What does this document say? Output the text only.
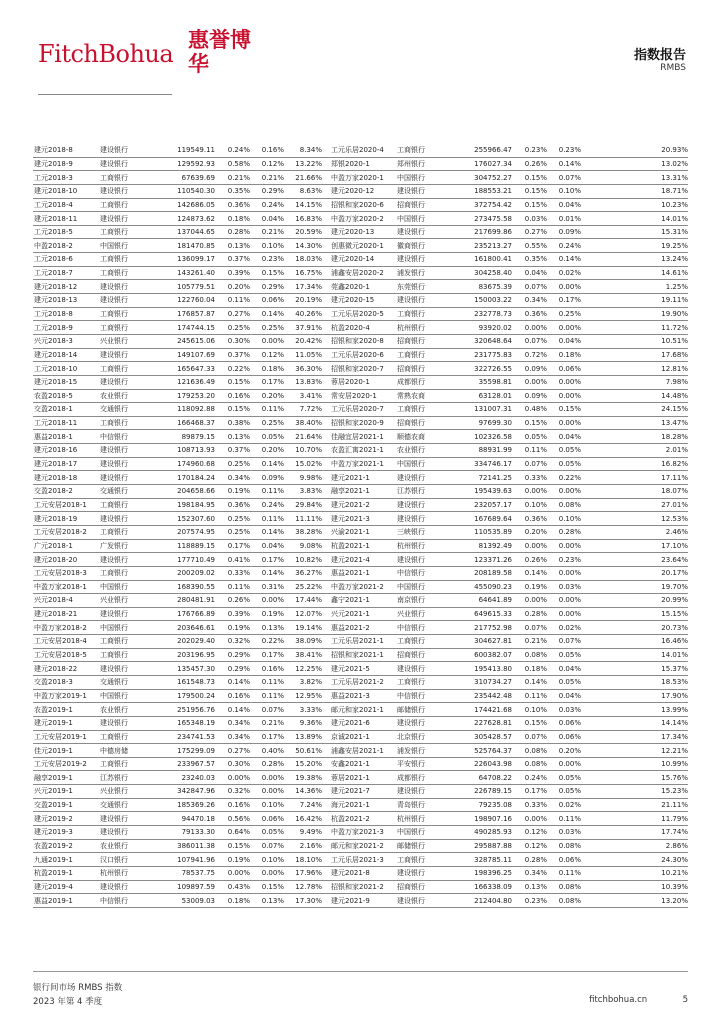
FitchBohua
惠誉博华	指数报告
RMBS
建元2018-8	建设银行	119549.11	0.24%	0.16%	8.34%		工元乐居2020-4	工商银行	255966.47	0.23%	0.23%	20.93%
建元2018-9	建设银行	129592.93	0.58%	0.12%	13.22%		郑银2020-1	郑州银行	176027.34	0.26%	0.14%	13.02%
工元2018-3	工商银行	67639.69	0.21%	0.21%	21.66%		中盈万家2020-1	中国银行	304752.27	0.15%	0.07%	13.31%
建元2018-10	建设银行	110540.30	0.35%	0.29%	8.63%		建元2020-12	建设银行	188553.21	0.15%	0.10%	18.71%
工元2018-4	工商银行	142686.05	0.36%	0.24%	14.15%		招银和家2020-6	招商银行	372754.42	0.15%	0.04%	10.23%
建元2018-11	建设银行	124873.62	0.18%	0.04%	16.83%		中盈万家2020-2	中国银行	273475.58	0.03%	0.01%	14.01%
工元2018-5	工商银行	137044.65	0.28%	0.21%	20.59%		建元2020-13	建设银行	217699.86	0.27%	0.09%	15.31%
中盈2018-2	中国银行	181470.85	0.13%	0.10%	14.30%		创惠微元2020-1	徽商银行	235213.27	0.55%	0.24%	19.25%
工元2018-6	工商银行	136099.17	0.37%	0.23%	18.03%		建元2020-14	建设银行	161800.41	0.35%	0.14%	13.24%
工元2018-7	工商银行	143261.40	0.39%	0.15%	16.75%		浦鑫安居2020-2	浦发银行	304258.40	0.04%	0.02%	14.61%
建元2018-12	建设银行	105779.51	0.20%	0.29%	17.34%		莞鑫2020-1	东莞银行	83675.39	0.07%	0.00%	1.25%
建元2018-13	建设银行	122760.04	0.11%	0.06%	20.19%		建元2020-15	建设银行	150003.22	0.34%	0.17%	19.11%
工元2018-8	工商银行	176857.87	0.27%	0.14%	40.26%		工元乐居2020-5	工商银行	232778.73	0.36%	0.25%	19.90%
工元2018-9	工商银行	174744.15	0.25%	0.25%	37.91%		杭盈2020-4	杭州银行	93920.02	0.00%	0.00%	11.72%
兴元2018-3	兴业银行	245615.06	0.30%	0.00%	20.42%		招银和家2020-8	招商银行	320648.64	0.07%	0.04%	10.51%
建元2018-14	建设银行	149107.69	0.37%	0.12%	11.05%		工元乐居2020-6	工商银行	231775.83	0.72%	0.18%	17.68%
工元2018-10	工商银行	165647.33	0.22%	0.18%	36.30%		招银和家2020-7	招商银行	322726.55	0.09%	0.06%	12.81%
建元2018-15	建设银行	121636.49	0.15%	0.17%	13.83%		蓉居2020-1	成都银行	35598.81	0.00%	0.00%	7.98%
农盈2018-5	农业银行	179253.20	0.16%	0.20%	3.41%		常安居2020-1	常熟农商	63128.01	0.09%	0.00%	14.48%
交盈2018-1	交通银行	118092.88	0.15%	0.11%	7.72%		工元乐居2020-7	工商银行	131007.31	0.48%	0.15%	24.15%
工元2018-11	工商银行	166468.37	0.38%	0.25%	38.40%		招银和家2020-9	招商银行	97699.30	0.15%	0.00%	13.47%
惠益2018-1	中信银行	89879.15	0.13%	0.05%	21.64%		佳融宜居2021-1	顺德农商	102326.58	0.05%	0.04%	18.28%
建元2018-16	建设银行	108713.93	0.37%	0.20%	10.70%		农盈汇寓2021-1	农业银行	88931.99	0.11%	0.05%	2.01%
建元2018-17	建设银行	174960.68	0.25%	0.14%	15.02%		中盈万家2021-1	中国银行	334746.17	0.07%	0.05%	16.82%
建元2018-18	建设银行	170184.24	0.34%	0.09%	9.98%		建元2021-1	建设银行	72141.25	0.33%	0.22%	17.11%
交盈2018-2	交通银行	204658.66	0.19%	0.11%	3.83%		融享2021-1	江苏银行	195439.63	0.00%	0.00%	18.07%
工元安居2018-1	工商银行	198184.95	0.36%	0.24%	29.84%		建元2021-2	建设银行	232057.17	0.10%	0.08%	27.01%
建元2018-19	建设银行	152307.60	0.25%	0.11%	11.11%		建元2021-3	建设银行	167689.64	0.36%	0.10%	12.53%
工元安居2018-2	工商银行	207574.95	0.25%	0.14%	38.28%		兴渝2021-1	三峡银行	110535.89	0.20%	0.28%	2.46%
广元2018-1	广发银行	118889.15	0.17%	0.04%	9.08%		杭盈2021-1	杭州银行	81392.49	0.00%	0.00%	17.10%
建元2018-20	建设银行	177710.49	0.41%	0.17%	10.82%		建元2021-4	建设银行	123371.26	0.26%	0.23%	23.64%
工元安居2018-3	工商银行	200209.02	0.33%	0.14%	36.27%		惠益2021-1	中信银行	208189.58	0.14%	0.00%	20.17%
中盈万家2018-1	中国银行	168390.55	0.11%	0.31%	25.22%		中盈万家2021-2	中国银行	455090.23	0.19%	0.03%	19.70%
兴元2018-4	兴业银行	280481.91	0.26%	0.00%	17.44%		鑫宁2021-1	南京银行	64641.89	0.00%	0.00%	20.99%
建元2018-21	建设银行	176766.89	0.39%	0.19%	12.07%		兴元2021-1	兴业银行	649615.33	0.28%	0.00%	15.15%
中盈万家2018-2	中国银行	203646.61	0.19%	0.13%	19.14%		惠益2021-2	中信银行	217752.98	0.07%	0.02%	20.73%
工元安居2018-4	工商银行	202029.40	0.32%	0.22%	38.09%		工元乐居2021-1	工商银行	304627.81	0.21%	0.07%	16.46%
工元安居2018-5	工商银行	203196.95	0.29%	0.17%	38.41%		招银和家2021-1	招商银行	600382.07	0.08%	0.05%	14.01%
建元2018-22	建设银行	135457.30	0.29%	0.16%	12.25%		建元2021-5	建设银行	195413.80	0.18%	0.04%	15.37%
交盈2018-3	交通银行	161548.73	0.14%	0.11%	3.82%		工元乐居2021-2	工商银行	310734.27	0.14%	0.05%	18.53%
中盈万家2019-1	中国银行	179500.24	0.16%	0.11%	12.95%		惠益2021-3	中信银行	235442.48	0.11%	0.04%	17.90%
农盈2019-1	农业银行	251956.76	0.14%	0.07%	3.33%		邮元和家2021-1	邮储银行	174421.68	0.10%	0.03%	13.99%
建元2019-1	建设银行	165348.19	0.34%	0.21%	9.36%		建元2021-6	建设银行	227628.81	0.15%	0.06%	14.14%
工元安居2019-1	工商银行	234741.53	0.34%	0.17%	13.89%		京诚2021-1	北京银行	305428.57	0.07%	0.06%	17.34%
佳元2019-1	中德房储	175299.09	0.27%	0.40%	50.61%		浦鑫安居2021-1	浦发银行	525764.37	0.08%	0.20%	12.21%
工元安居2019-2	工商银行	233967.57	0.30%	0.28%	15.20%		安鑫2021-1	平安银行	226043.98	0.08%	0.00%	10.99%
融享2019-1	江苏银行	23240.03	0.00%	0.00%	19.38%		蓉居2021-1	成都银行	64708.22	0.24%	0.05%	15.76%
兴元2019-1	兴业银行	342847.96	0.32%	0.00%	14.36%		建元2021-7	建设银行	226789.15	0.17%	0.05%	15.23%
交盈2019-1	交通银行	185369.26	0.16%	0.10%	7.24%		海元2021-1	青岛银行	79235.08	0.33%	0.02%	21.11%
建元2019-2	建设银行	94470.18	0.56%	0.06%	16.42%		杭盈2021-2	杭州银行	198907.16	0.00%	0.11%	11.79%
建元2019-3	建设银行	79133.30	0.64%	0.05%	9.49%		中盈万家2021-3	中国银行	490285.93	0.12%	0.03%	17.74%
农盈2019-2	农业银行	386011.38	0.15%	0.07%	2.16%		邮元和家2021-2	邮储银行	295887.88	0.12%	0.08%	2.86%
九通2019-1	汉口银行	107941.96	0.19%	0.10%	18.10%		工元乐居2021-3	工商银行	328785.11	0.28%	0.06%	24.30%
杭盈2019-1	杭州银行	78537.75	0.00%	0.00%	17.96%		建元2021-8	建设银行	198396.25	0.34%	0.11%	10.21%
建元2019-4	建设银行	109897.59	0.43%	0.15%	12.78%		招银和家2021-2	招商银行	166338.09	0.13%	0.08%	10.39%
惠益2019-1	中信银行	53009.03	0.18%	0.13%	17.30%		建元2021-9	建设银行	212404.80	0.23%	0.08%	13.20%
银行间市场 RMBS 指数
2023 年第 4 季度	fitchbohua.cn	5
